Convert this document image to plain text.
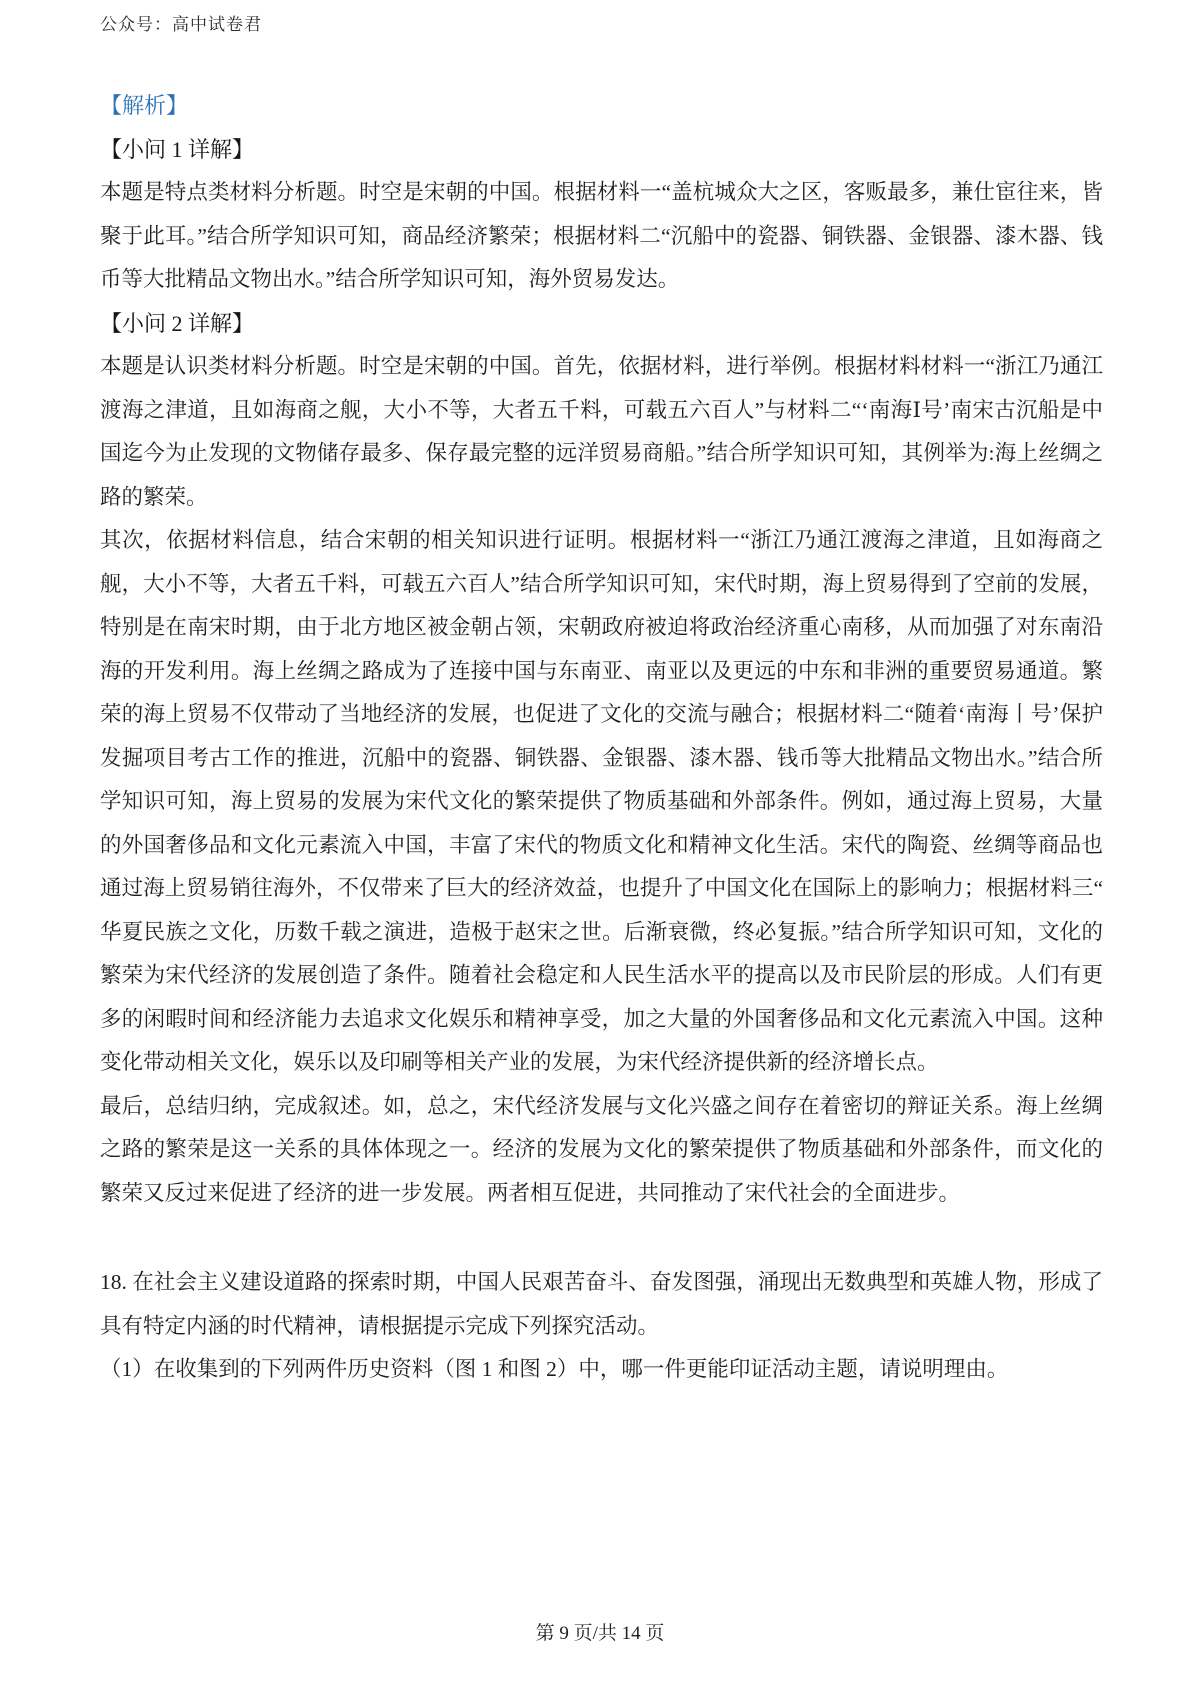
公众号：高中试卷君
【解析】
【小问 1 详解】
本题是特点类材料分析题。时空是宋朝的中国。根据材料一“盖杭城众大之区，客贩最多，兼仕宦往来，皆聚于此耳。”结合所学知识可知，商品经济繁荣；根据材料二“沉船中的瓷器、铜铁器、金银器、漆木器、钱币等大批精品文物出水。”结合所学知识可知，海外贸易发达。
【小问 2 详解】
本题是认识类材料分析题。时空是宋朝的中国。首先，依据材料，进行举例。根据材料材料一“浙江乃通江渡海之津道，且如海商之舰，大小不等，大者五千料，可载五六百人”与材料二“‘南海Ⅰ号’南宋古沉船是中国迄今为止发现的文物储存最多、保存最完整的远洋贸易商船。”结合所学知识可知，其例举为:海上丝绸之路的繁荣。
其次，依据材料信息，结合宋朝的相关知识进行证明。根据材料一“浙江乃通江渡海之津道，且如海商之舰，大小不等，大者五千料，可载五六百人”结合所学知识可知，宋代时期，海上贸易得到了空前的发展，特别是在南宋时期，由于北方地区被金朝占领，宋朝政府被迫将政治经济重心南移，从而加强了对东南沿海的开发利用。海上丝绸之路成为了连接中国与东南亚、南亚以及更远的中东和非洲的重要贸易通道。繁荣的海上贸易不仅带动了当地经济的发展，也促进了文化的交流与融合；根据材料二“随着‘南海丨号’保护发掘项目考古工作的推进，沉船中的瓷器、铜铁器、金银器、漆木器、钱币等大批精品文物出水。”结合所学知识可知，海上贸易的发展为宋代文化的繁荣提供了物质基础和外部条件。例如，通过海上贸易，大量的外国奢侈品和文化元素流入中国，丰富了宋代的物质文化和精神文化生活。宋代的陶瓷、丝绸等商品也通过海上贸易销往海外，不仅带来了巨大的经济效益，也提升了中国文化在国际上的影响力；根据材料三“　华夏民族之文化，历数千载之演进，造极于赵宋之世。后渐衰微，终必复振。”结合所学知识可知，文化的繁荣为宋代经济的发展创造了条件。随着社会稳定和人民生活水平的提高以及市民阶层的形成。人们有更多的闲暇时间和经济能力去追求文化娱乐和精神享受，加之大量的外国奢侈品和文化元素流入中国。这种变化带动相关文化，娱乐以及印刷等相关产业的发展，为宋代经济提供新的经济增长点。
最后，总结归纳，完成叙述。如，总之，宋代经济发展与文化兴盛之间存在着密切的辩证关系。海上丝绸之路的繁荣是这一关系的具体体现之一。经济的发展为文化的繁荣提供了物质基础和外部条件，而文化的繁荣又反过来促进了经济的进一步发展。两者相互促进，共同推动了宋代社会的全面进步。
18. 在社会主义建设道路的探索时期，中国人民艰苦奋斗、奋发图强，涌现出无数典型和英雄人物，形成了具有特定内涵的时代精神，请根据提示完成下列探究活动。
（1）在收集到的下列两件历史资料（图 1 和图 2）中，哪一件更能印证活动主题，请说明理由。
第 9 页/共 14 页
